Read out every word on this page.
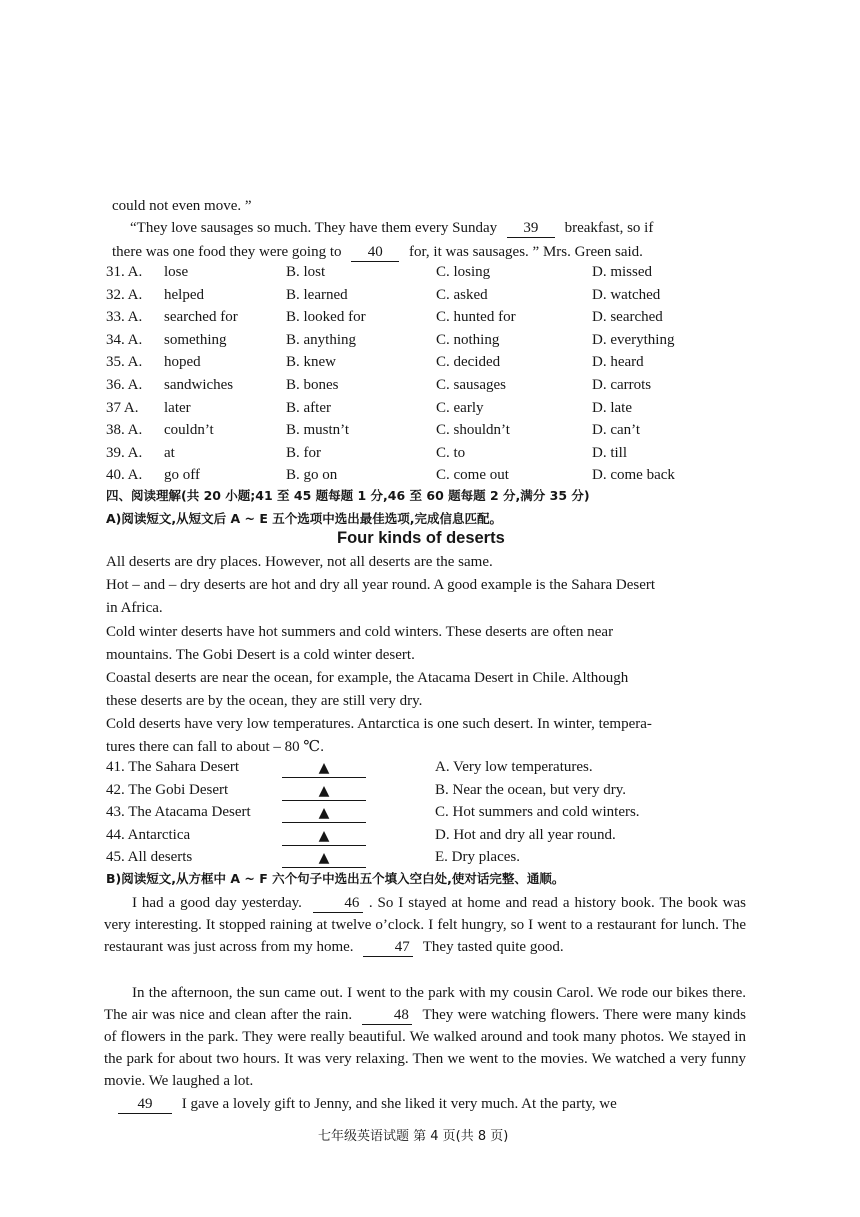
could not even move. ”
“They love sausages so much. They have them every Sunday 39 breakfast, so if
there was one food they were going to 40 for, it was sausages. ” Mrs. Green said.
31. A. lose	B. lost	C. losing	D. missed
32. A. helped	B. learned	C. asked	D. watched
33. A. searched for	B. looked for	C. hunted for	D. searched
34. A. something	B. anything	C. nothing	D. everything
35. A. hoped	B. knew	C. decided	D. heard
36. A. sandwiches	B. bones	C. sausages	D. carrots
37 A. later	B. after	C. early	D. late
38. A. couldn’t	B. mustn’t	C. shouldn’t	D. can’t
39. A. at	B. for	C. to	D. till
40. A. go off	B. go on	C. come out	D. come back
四、阅读理解(共 20 小题;41 至 45 题每题 1 分,46 至 60 题每题 2 分,满分 35 分)
A)阅读短文,从短文后 A ~ E 五个选项中选出最佳选项,完成信息匹配。
Four kinds of deserts
All deserts are dry places. However, not all deserts are the same.
Hot – and – dry deserts are hot and dry all year round. A good example is the Sahara Desert
in Africa.
Cold winter deserts have hot summers and cold winters. These deserts are often near
mountains. The Gobi Desert is a cold winter desert.
Coastal deserts are near the ocean, for example, the Atacama Desert in Chile. Although
these deserts are by the ocean, they are still very dry.
Cold deserts have very low temperatures. Antarctica is one such desert. In winter, tempera-
tures there can fall to about – 80 ℃.
41. The Sahara Desert	▲	A. Very low temperatures.
42. The Gobi Desert	▲	B. Near the ocean, but very dry.
43. The Atacama Desert	▲	C. Hot summers and cold winters.
44. Antarctica	▲	D. Hot and dry all year round.
45. All deserts	▲	E. Dry places.
B)阅读短文,从方框中 A ~ F 六个句子中选出五个填入空白处,使对话完整、通顺。
I had a good day yesterday.	46 . So I stayed at home and read a history book. The book was very interesting. It stopped raining at twelve o’clock. I felt hungry, so I went to a restaurant for lunch. The restaurant was just across from my home.	47 They tasted quite good.
In the afternoon, the sun came out. I went to the park with my cousin Carol. We rode our bikes there. The air was nice and clean after the rain.	48 They were watching flowers. There were many kinds of flowers in the park. They were really beautiful. We walked around and took many photos. We stayed in the park for about two hours. It was very relaxing. Then we went to the movies. We watched a very funny movie. We laughed a lot.
49 I gave a lovely gift to Jenny, and she liked it very much. At the party, we
七年级英语试题 第 4 页(共 8 页)
